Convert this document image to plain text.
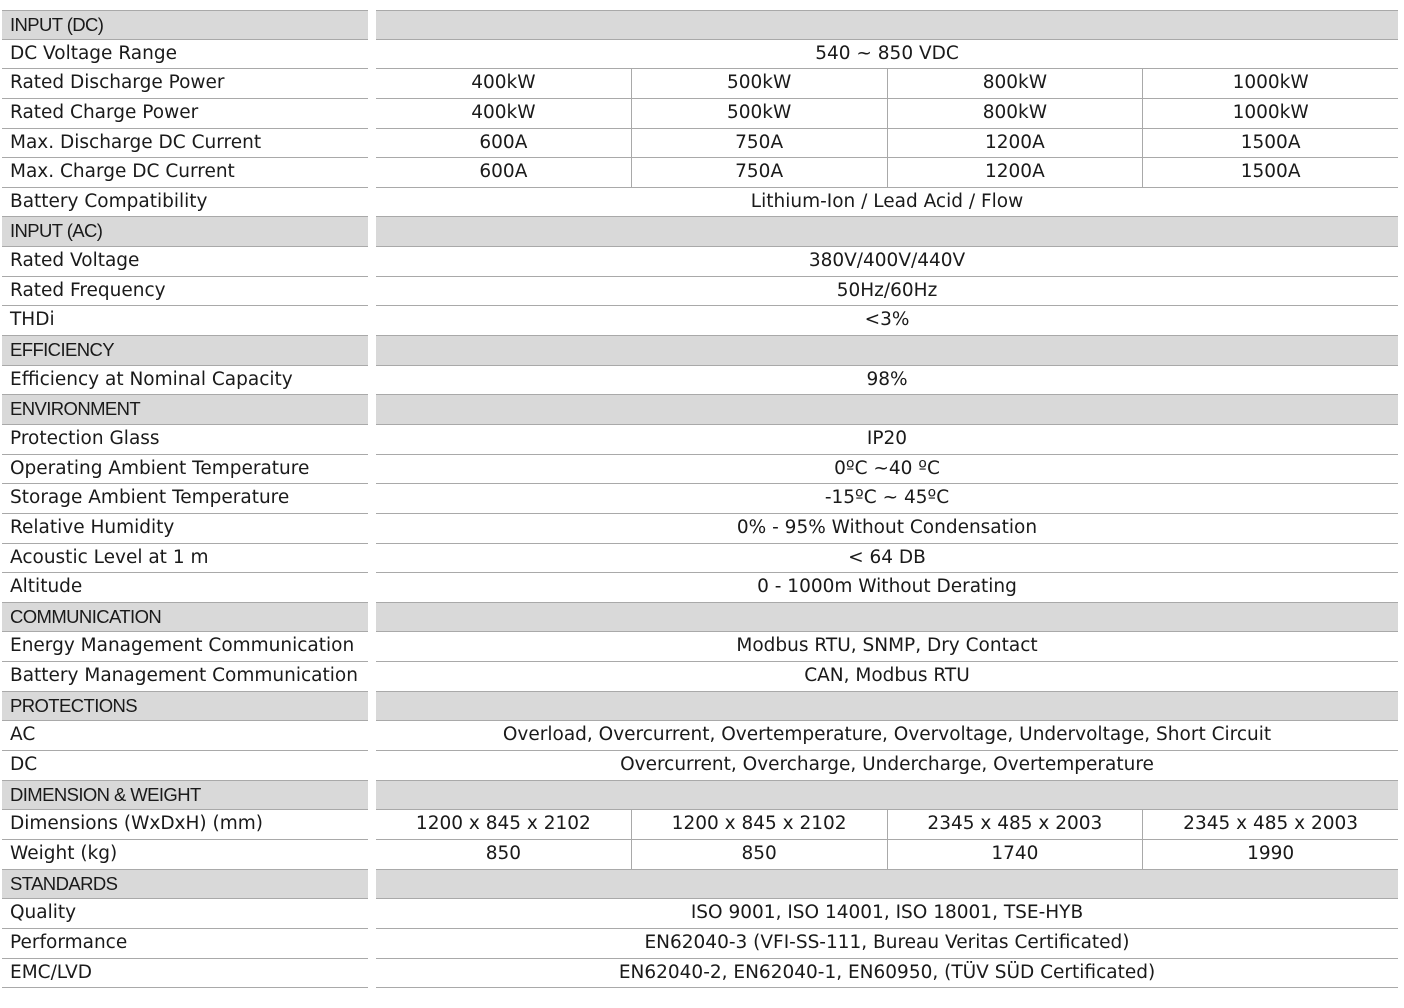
INPUT (DC)
DC Voltage Range	540 ~ 850 VDC
Rated Discharge Power	400kW	500kW	800kW	1000kW
Rated Charge Power	400kW	500kW	800kW	1000kW
Max. Discharge DC Current	600A	750A	1200A	1500A
Max. Charge DC Current	600A	750A	1200A	1500A
Battery Compatibility	Lithium-Ion / Lead Acid / Flow
INPUT (AC)
Rated Voltage	380V/400V/440V
Rated Frequency	50Hz/60Hz
THDi	<3%
EFFICIENCY
Efficiency at Nominal Capacity	98%
ENVIRONMENT
Protection Glass	IP20
Operating Ambient Temperature	0ºC ~40 ºC
Storage Ambient Temperature	-15ºC ~ 45ºC
Relative Humidity	0% - 95% Without Condensation
Acoustic Level at 1 m	< 64 DB
Altitude	0 - 1000m Without Derating
COMMUNICATION
Energy Management Communication	Modbus RTU, SNMP, Dry Contact
Battery Management Communication	CAN, Modbus RTU
PROTECTIONS
AC	Overload, Overcurrent, Overtemperature, Overvoltage, Undervoltage, Short Circuit
DC	Overcurrent, Overcharge, Undercharge, Overtemperature
DIMENSION & WEIGHT
Dimensions (WxDxH) (mm)	1200 x 845 x 2102	1200 x 845 x 2102	2345 x 485 x 2003	2345 x 485 x 2003
Weight (kg)	850	850	1740	1990
STANDARDS
Quality	ISO 9001, ISO 14001, ISO 18001, TSE-HYB
Performance	EN62040-3 (VFI-SS-111, Bureau Veritas Certificated)
EMC/LVD	EN62040-2, EN62040-1, EN60950, (TÜV SÜD Certificated)
